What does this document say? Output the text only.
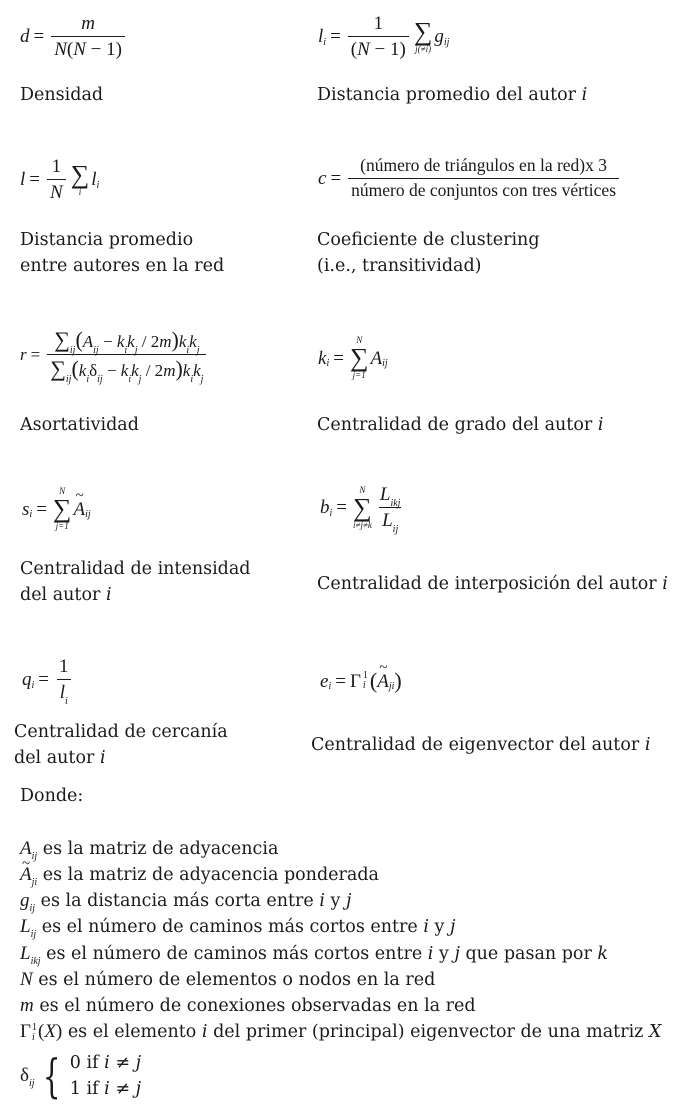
$d = \frac{m}{N(N - 1)}$	l $i = \frac{1}{(N - 1)}$ ∑
j(≠i)
g ij
Densidad	Distancia promedio del autor i
$l = \frac{1}{N}$ ∑
i
l i	$c = \frac{\text{(número de triángulos en la red)x 3}}{\text{número de conjuntos con tres vértices}}$
Distancia promedio
entre autores en la red
Coeficiente de clustering
(i.e., transitividad)
$r = \frac{\sum_{ij}(A_{ij} - k_ik_j / 2m)k_ik_j}{\sum_{ij}(k_i\delta_{ij} - k_ik_j / 2m)k_ik_j}$	k i =
N
∑
j=1
A ij
Asortatividad	Centralidad de grado del autor i
s i =
N
∑
j=1
~ A ij	b i =
N
∑
$i\ne j\ne k \frac{L_{ikj}}{L_{ij}}$
Centralidad de intensidad
del autor i
Centralidad de interposición del autor i
q $i = \frac{1}{l_i}$	e i = Γ 1
i (
~ A ji )
Centralidad de cercanía
del autor i
Centralidad de eigenvector del autor i
Donde:
$A_{ij}$ es la matriz de adyacencia
~ $A_{ji}$ es la matriz de adyacencia ponderada
$g_{ij}$ es la distancia más corta entre i y j
$L_{ij}$ es el número de caminos más cortos entre i y j
$L_{ikj}$ es el número de caminos más cortos entre i y j que pasan por k
N es el número de elementos o nodos en la red
m es el número de conexiones observadas en la red
Γ 1
i (X) es el elemento i del primer (principal) eigenvector de una matriz X
$\delta_{ij}$ { 0 if i ≠ j
1 if i ≠ j
